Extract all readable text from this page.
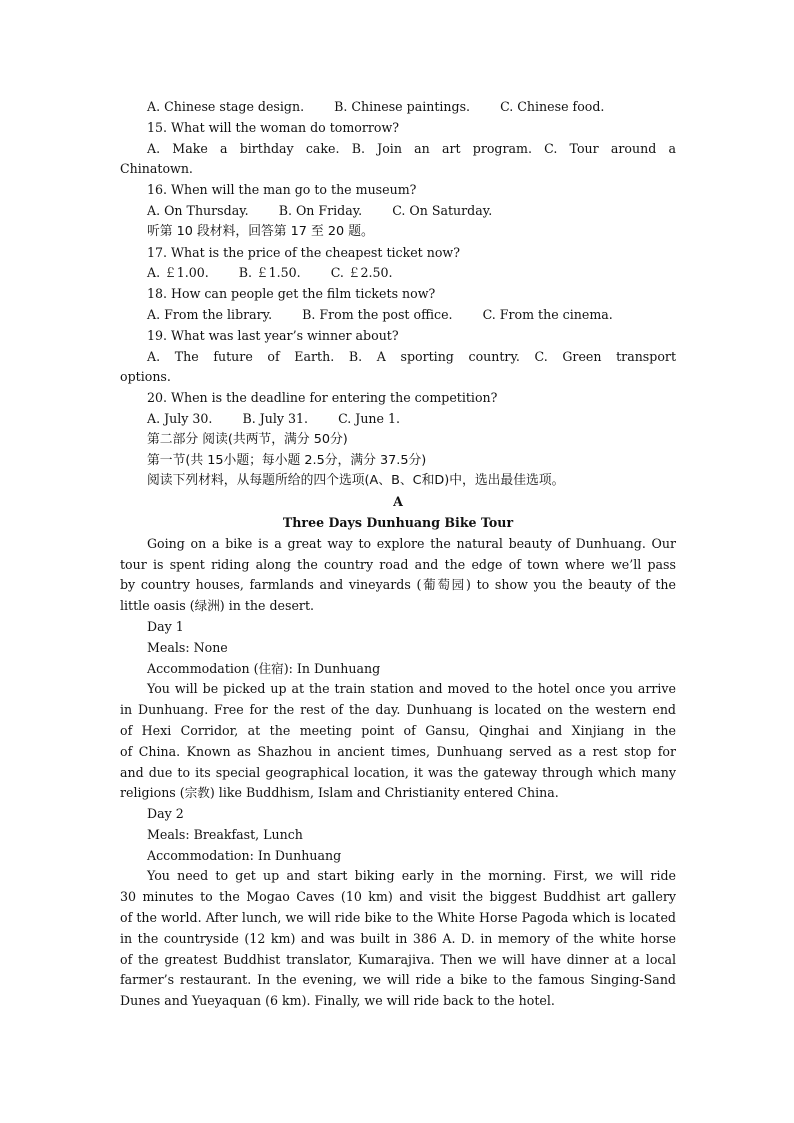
A. Chinese stage design. B. Chinese paintings. C. Chinese food.
15. What will the woman do tomorrow?
A. Make a birthday cake. B. Join an art program. C. Tour around a
Chinatown.
16. When will the man go to the museum?
A. On Thursday. B. On Friday. C. On Saturday.
听第 10 段材料，回答第 17 至 20 题。
17. What is the price of the cheapest ticket now?
A. ￡1.00. B. ￡1.50. C. ￡2.50.
18. How can people get the film tickets now?
A. From the library. B. From the post office. C. From the cinema.
19. What was last year’s winner about?
A. The future of Earth. B. A sporting country. C. Green transport
options.
20. When is the deadline for entering the competition?
A. July 30. B. July 31. C. June 1.
第二部分 阅读(共两节，满分 50分)
第一节(共 15小题；每小题 2.5分，满分 37.5分)
阅读下列材料，从每题所给的四个选项(A、B、C和D)中，选出最佳选项。
A
Three Days Dunhuang Bike Tour
Going on a bike is a great way to explore the natural beauty of Dunhuang. Our
tour is spent riding along the country road and the edge of town where we’ll pass
by country houses, farmlands and vineyards (葡萄园) to show you the beauty of the
little oasis (绿洲) in the desert.
Day 1
Meals: None
Accommodation (住宿): In Dunhuang
You will be picked up at the train station and moved to the hotel once you arrive
in Dunhuang. Free for the rest of the day. Dunhuang is located on the western end
of Hexi Corridor, at the meeting point of Gansu, Qinghai and Xinjiang in the
of China. Known as Shazhou in ancient times, Dunhuang served as a rest stop for
and due to its special geographical location, it was the gateway through which many
religions (宗教) like Buddhism, Islam and Christianity entered China.
Day 2
Meals: Breakfast, Lunch
Accommodation: In Dunhuang
You need to get up and start biking early in the morning. First, we will ride
30 minutes to the Mogao Caves (10 km) and visit the biggest Buddhist art gallery
of the world. After lunch, we will ride bike to the White Horse Pagoda which is located
in the countryside (12 km) and was built in 386 A. D. in memory of the white horse
of the greatest Buddhist translator, Kumarajiva. Then we will have dinner at a local
farmer’s restaurant. In the evening, we will ride a bike to the famous Singing-Sand
Dunes and Yueyaquan (6 km). Finally, we will ride back to the hotel.
